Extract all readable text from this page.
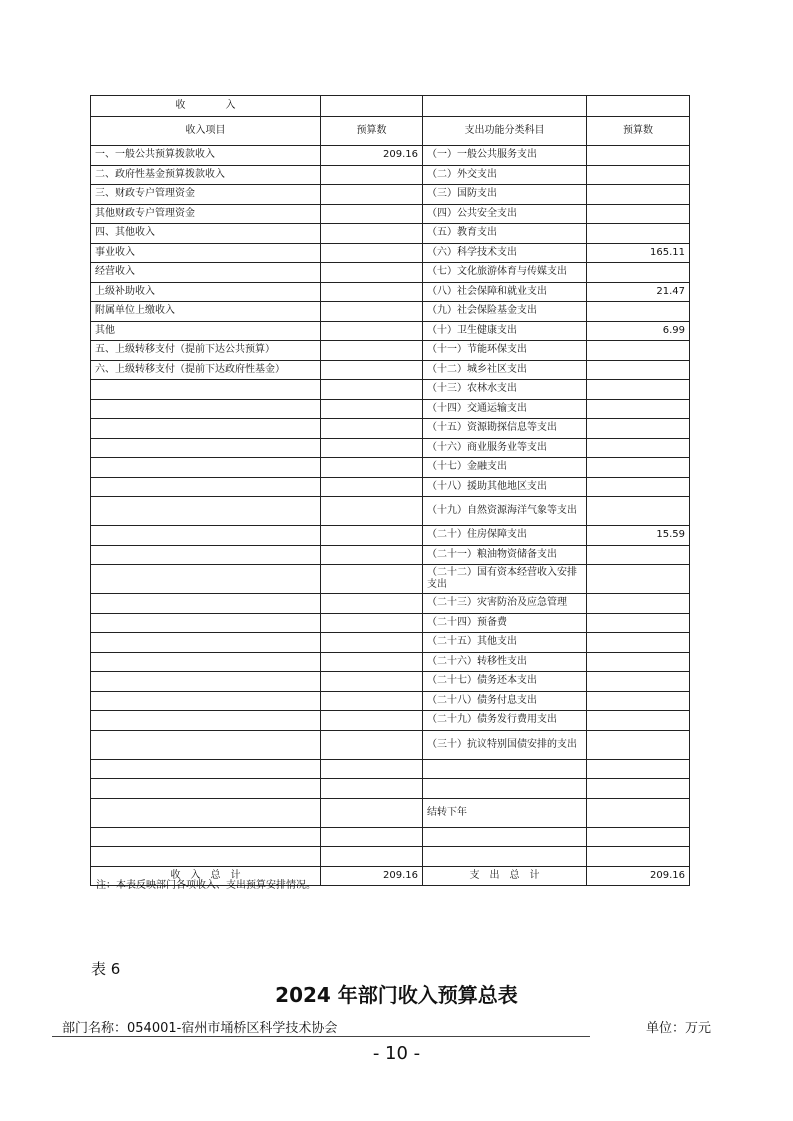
收　　　　入			
收入项目	预算数	支出功能分类科目	预算数
一、一般公共预算拨款收入	209.16	（一）一般公共服务支出	
二、政府性基金预算拨款收入		（二）外交支出	
三、财政专户管理资金		（三）国防支出	
其他财政专户管理资金		（四）公共安全支出	
四、其他收入		（五）教育支出	
事业收入		（六）科学技术支出	165.11
经营收入		（七）文化旅游体育与传媒支出	
上级补助收入		（八）社会保障和就业支出	21.47
附属单位上缴收入		（九）社会保险基金支出	
其他		（十）卫生健康支出	6.99
五、上级转移支付（提前下达公共预算）		（十一）节能环保支出	
六、上级转移支付（提前下达政府性基金）		（十二）城乡社区支出	
		（十三）农林水支出	
		（十四）交通运输支出	
		（十五）资源勘探信息等支出	
		（十六）商业服务业等支出	
		（十七）金融支出	
		（十八）援助其他地区支出	
		（十九）自然资源海洋气象等支出	
		（二十）住房保障支出	15.59
		（二十一）粮油物资储备支出	
		（二十二）国有资本经营收入安排支出	
		（二十三）灾害防治及应急管理	
		（二十四）预备费	
		（二十五）其他支出	
		（二十六）转移性支出	
		（二十七）债务还本支出	
		（二十八）债务付息支出	
		（二十九）债务发行费用支出	
		（三十）抗议特别国债安排的支出	

		结转下年	

收　入　总　计	209.16	支　出　总　计	209.16
注：本表反映部门各项收入、支出预算安排情况。
表 6
2024 年部门收入预算总表
部门名称：054001-宿州市埇桥区科学技术协会	单位：万元
- 10 -
